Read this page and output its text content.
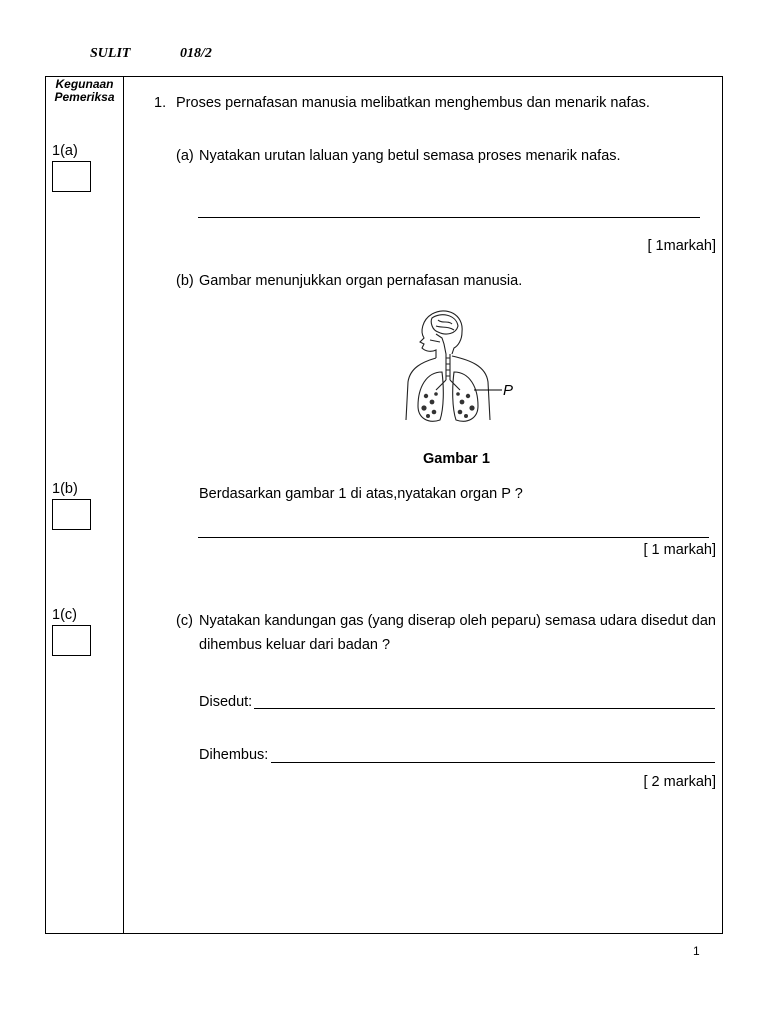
SULIT	018/2
Kegunaan
Pemeriksa
1(a)
1(b)
1(c)
1. Proses pernafasan manusia melibatkan menghembus dan menarik nafas.
(a) Nyatakan urutan laluan yang betul semasa proses menarik nafas.
[ 1markah]
(b) Gambar menunjukkan organ pernafasan manusia.
P
Gambar 1
Berdasarkan gambar 1 di atas,nyatakan organ P ?
[ 1 markah]
(c) Nyatakan kandungan gas (yang diserap oleh peparu) semasa udara disedut dan dihembus keluar dari badan ?
Disedut:
Dihembus:
[ 2 markah]
1
